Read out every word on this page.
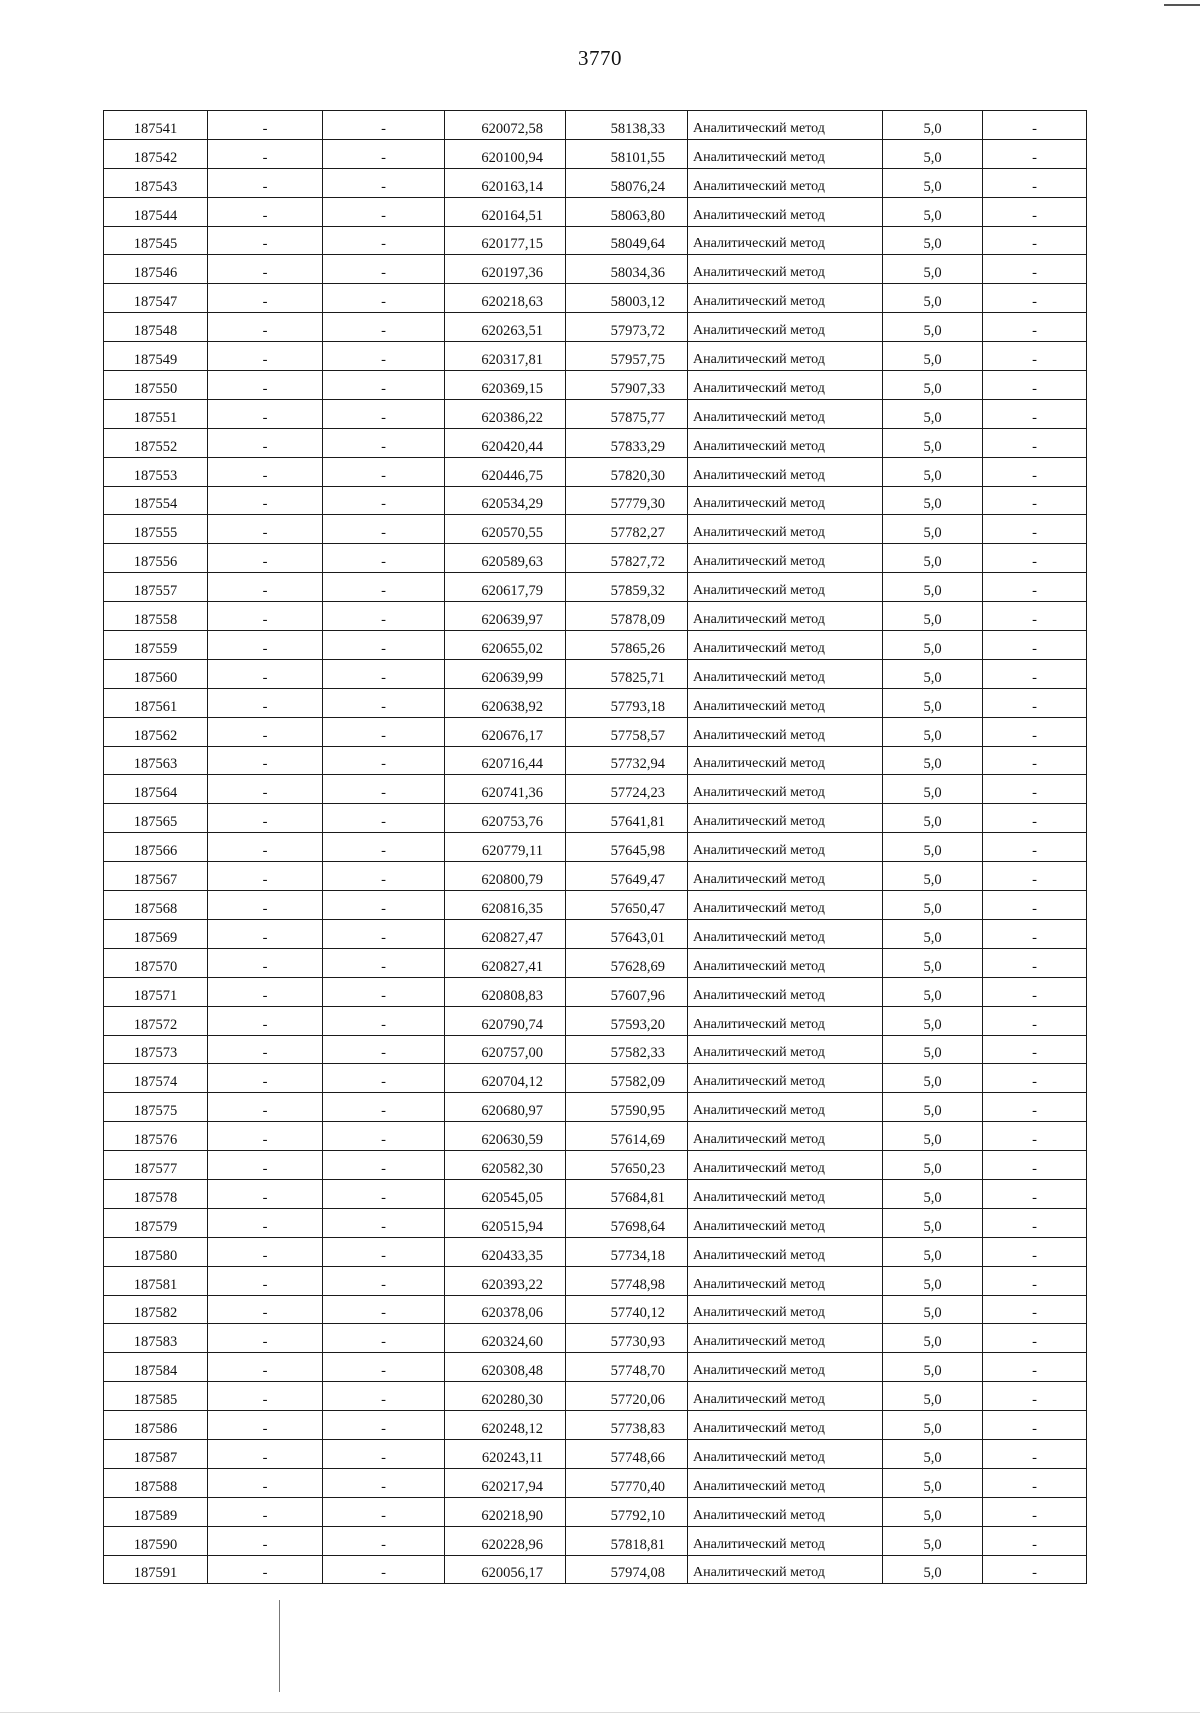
3770
187541	-	-	620072,58	58138,33	Аналитический метод	5,0	-
187542	-	-	620100,94	58101,55	Аналитический метод	5,0	-
187543	-	-	620163,14	58076,24	Аналитический метод	5,0	-
187544	-	-	620164,51	58063,80	Аналитический метод	5,0	-
187545	-	-	620177,15	58049,64	Аналитический метод	5,0	-
187546	-	-	620197,36	58034,36	Аналитический метод	5,0	-
187547	-	-	620218,63	58003,12	Аналитический метод	5,0	-
187548	-	-	620263,51	57973,72	Аналитический метод	5,0	-
187549	-	-	620317,81	57957,75	Аналитический метод	5,0	-
187550	-	-	620369,15	57907,33	Аналитический метод	5,0	-
187551	-	-	620386,22	57875,77	Аналитический метод	5,0	-
187552	-	-	620420,44	57833,29	Аналитический метод	5,0	-
187553	-	-	620446,75	57820,30	Аналитический метод	5,0	-
187554	-	-	620534,29	57779,30	Аналитический метод	5,0	-
187555	-	-	620570,55	57782,27	Аналитический метод	5,0	-
187556	-	-	620589,63	57827,72	Аналитический метод	5,0	-
187557	-	-	620617,79	57859,32	Аналитический метод	5,0	-
187558	-	-	620639,97	57878,09	Аналитический метод	5,0	-
187559	-	-	620655,02	57865,26	Аналитический метод	5,0	-
187560	-	-	620639,99	57825,71	Аналитический метод	5,0	-
187561	-	-	620638,92	57793,18	Аналитический метод	5,0	-
187562	-	-	620676,17	57758,57	Аналитический метод	5,0	-
187563	-	-	620716,44	57732,94	Аналитический метод	5,0	-
187564	-	-	620741,36	57724,23	Аналитический метод	5,0	-
187565	-	-	620753,76	57641,81	Аналитический метод	5,0	-
187566	-	-	620779,11	57645,98	Аналитический метод	5,0	-
187567	-	-	620800,79	57649,47	Аналитический метод	5,0	-
187568	-	-	620816,35	57650,47	Аналитический метод	5,0	-
187569	-	-	620827,47	57643,01	Аналитический метод	5,0	-
187570	-	-	620827,41	57628,69	Аналитический метод	5,0	-
187571	-	-	620808,83	57607,96	Аналитический метод	5,0	-
187572	-	-	620790,74	57593,20	Аналитический метод	5,0	-
187573	-	-	620757,00	57582,33	Аналитический метод	5,0	-
187574	-	-	620704,12	57582,09	Аналитический метод	5,0	-
187575	-	-	620680,97	57590,95	Аналитический метод	5,0	-
187576	-	-	620630,59	57614,69	Аналитический метод	5,0	-
187577	-	-	620582,30	57650,23	Аналитический метод	5,0	-
187578	-	-	620545,05	57684,81	Аналитический метод	5,0	-
187579	-	-	620515,94	57698,64	Аналитический метод	5,0	-
187580	-	-	620433,35	57734,18	Аналитический метод	5,0	-
187581	-	-	620393,22	57748,98	Аналитический метод	5,0	-
187582	-	-	620378,06	57740,12	Аналитический метод	5,0	-
187583	-	-	620324,60	57730,93	Аналитический метод	5,0	-
187584	-	-	620308,48	57748,70	Аналитический метод	5,0	-
187585	-	-	620280,30	57720,06	Аналитический метод	5,0	-
187586	-	-	620248,12	57738,83	Аналитический метод	5,0	-
187587	-	-	620243,11	57748,66	Аналитический метод	5,0	-
187588	-	-	620217,94	57770,40	Аналитический метод	5,0	-
187589	-	-	620218,90	57792,10	Аналитический метод	5,0	-
187590	-	-	620228,96	57818,81	Аналитический метод	5,0	-
187591	-	-	620056,17	57974,08	Аналитический метод	5,0	-
